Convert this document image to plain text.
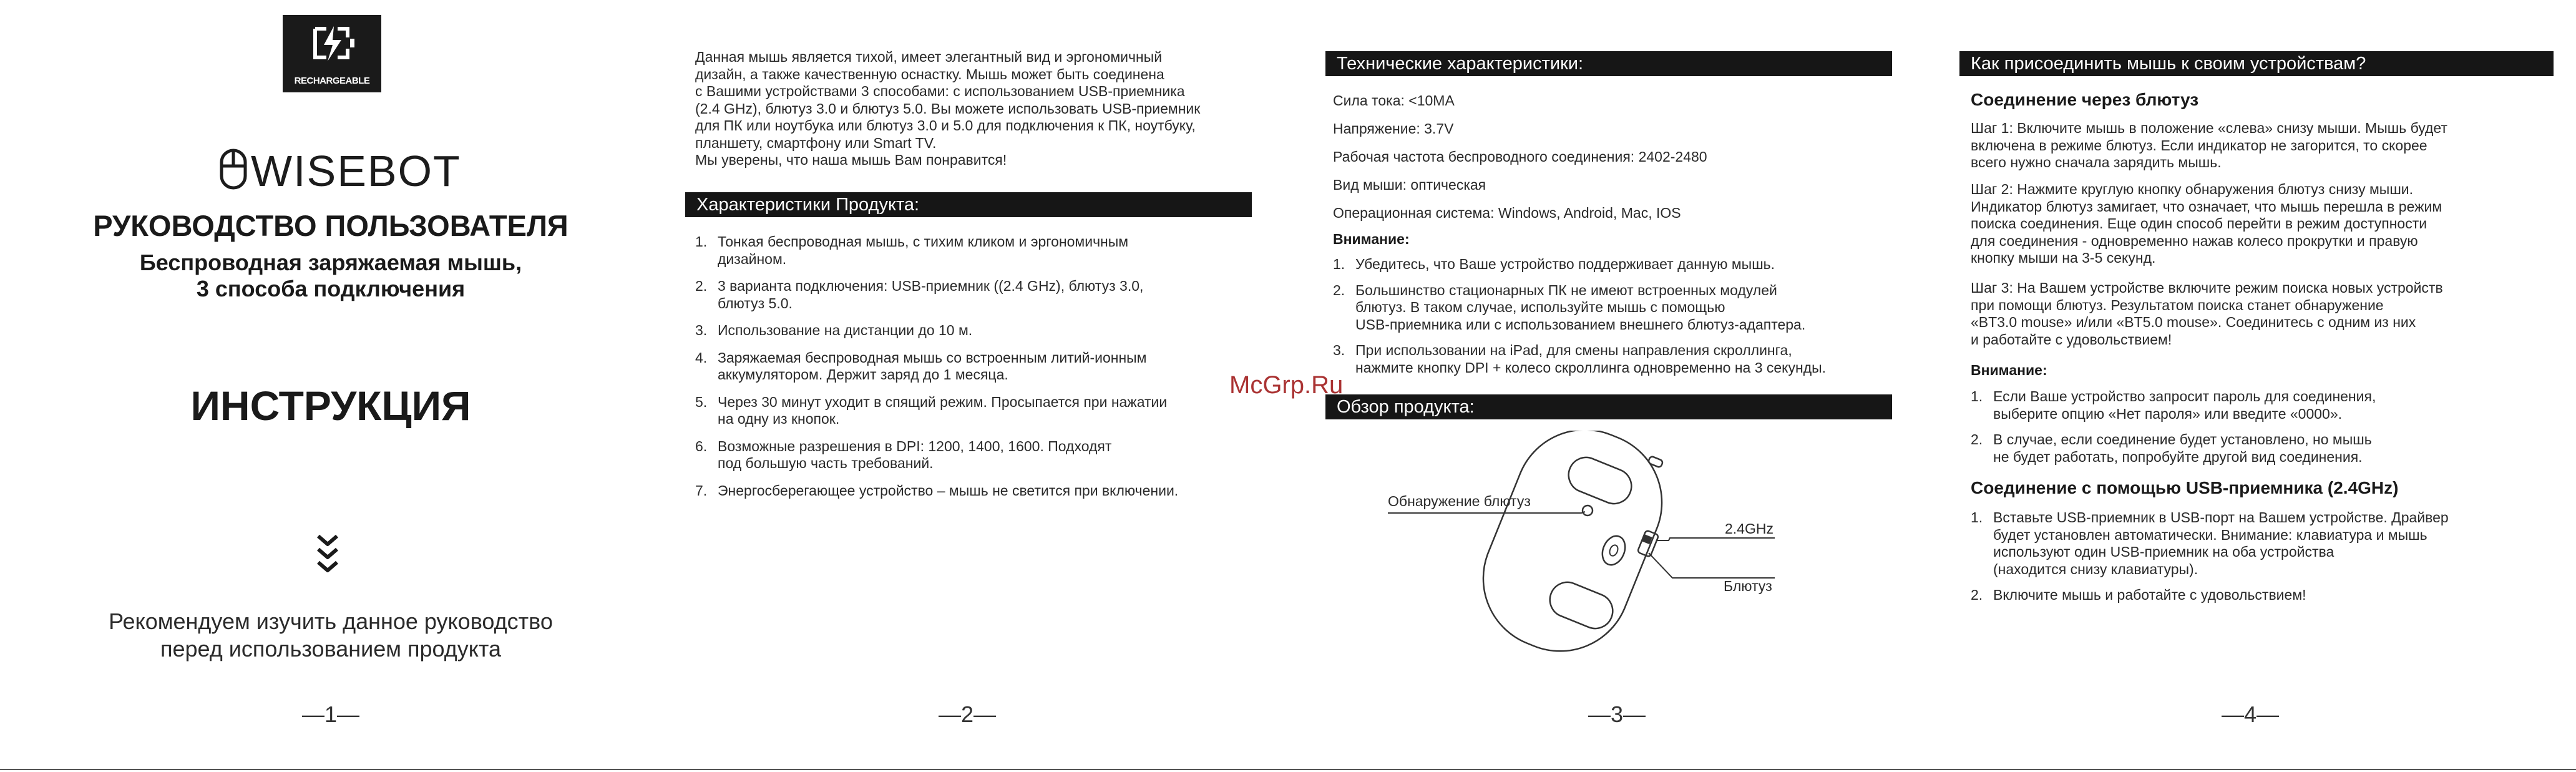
RECHARGEABLE
WISEBOT
РУКОВОДСТВО ПОЛЬЗОВАТЕЛЯ
Беспроводная заряжаемая мышь,
3 способа подключения
ИНСТРУКЦИЯ
Рекомендуем изучить данное руководство
перед использованием продукта
—1—
Данная мышь является тихой, имеет элегантный вид и эргономичный
дизайн, а также качественную оснастку. Мышь может быть соединена
с Вашими устройствами 3 способами: с использованием USB-приемника
(2.4 GHz), блютуз 3.0 и блютуз 5.0. Вы можете использовать USB-приемник
для ПК или ноутбука или блютуз 3.0 и 5.0 для подключения к ПК, ноутбуку,
планшету, смартфону или Smart TV.
Мы уверены, что наша мышь Вам понравится!
Характеристики Продукта:
1. Тонкая беспроводная мышь, с тихим кликом и эргономичным
дизайном.
2. 3 варианта подключения: USB-приемник ((2.4 GHz), блютуз 3.0,
блютуз 5.0.
3. Использование на дистанции до 10 м.
4. Заряжаемая беспроводная мышь со встроенным литий-ионным
аккумулятором. Держит заряд до 1 месяца.
5. Через 30 минут уходит в спящий режим. Просыпается при нажатии
на одну из кнопок.
6. Возможные разрешения в DPI: 1200, 1400, 1600. Подходят
под большую часть требований.
7. Энергосберегающее устройство – мышь не светится при включении.
—2—
Технические характеристики:
Сила тока: <10MA
Напряжение: 3.7V
Рабочая частота беспроводного соединения: 2402-2480
Вид мыши: оптическая
Операционная система: Windows, Android, Mac, IOS
Внимание:
1. Убедитесь, что Ваше устройство поддерживает данную мышь.
2. Большинство стационарных ПК не имеют встроенных модулей
блютуз. В таком случае, используйте мышь с помощью
USB-приемника или с использованием внешнего блютуз-адаптера.
3. При использовании на iPad, для смены направления скроллинга,
нажмите кнопку DPI + колесо скроллинга одновременно на 3 секунды.
Обзор продукта:
Обнаружение блютуз
2.4GHz
Блютуз
—3—
Как присоединить мышь к своим устройствам?
Соединение через блютуз
Шаг 1: Включите мышь в положение «слева» снизу мыши. Мышь будет
включена в режиме блютуз. Если индикатор не загорится, то скорее
всего нужно сначала зарядить мышь.
Шаг 2: Нажмите круглую кнопку обнаружения блютуз снизу мыши.
Индикатор блютуз замигает, что означает, что мышь перешла в режим
поиска соединения. Еще один способ перейти в режим доступности
для соединения - одновременно нажав колесо прокрутки и правую
кнопку мыши на 3-5 секунд.
Шаг 3: На Вашем устройстве включите режим поиска новых устройств
при помощи блютуз. Результатом поиска станет обнаружение
«BT3.0 mouse» и/или «BT5.0 mouse». Соединитесь с одним из них
и работайте с удовольствием!
Внимание:
1. Если Ваше устройство запросит пароль для соединения,
выберите опцию «Нет пароля» или введите «0000».
2. В случае, если соединение будет установлено, но мышь
не будет работать, попробуйте другой вид соединения.
Соединение с помощью USB-приемника (2.4GHz)
1. Вставьте USB-приемник в USB-порт на Вашем устройстве. Драйвер
будет установлен автоматически. Внимание: клавиатура и мышь
используют один USB-приемник на оба устройства
(находится снизу клавиатуры).
2. Включите мышь и работайте с удовольствием!
—4—
McGrp.Ru
